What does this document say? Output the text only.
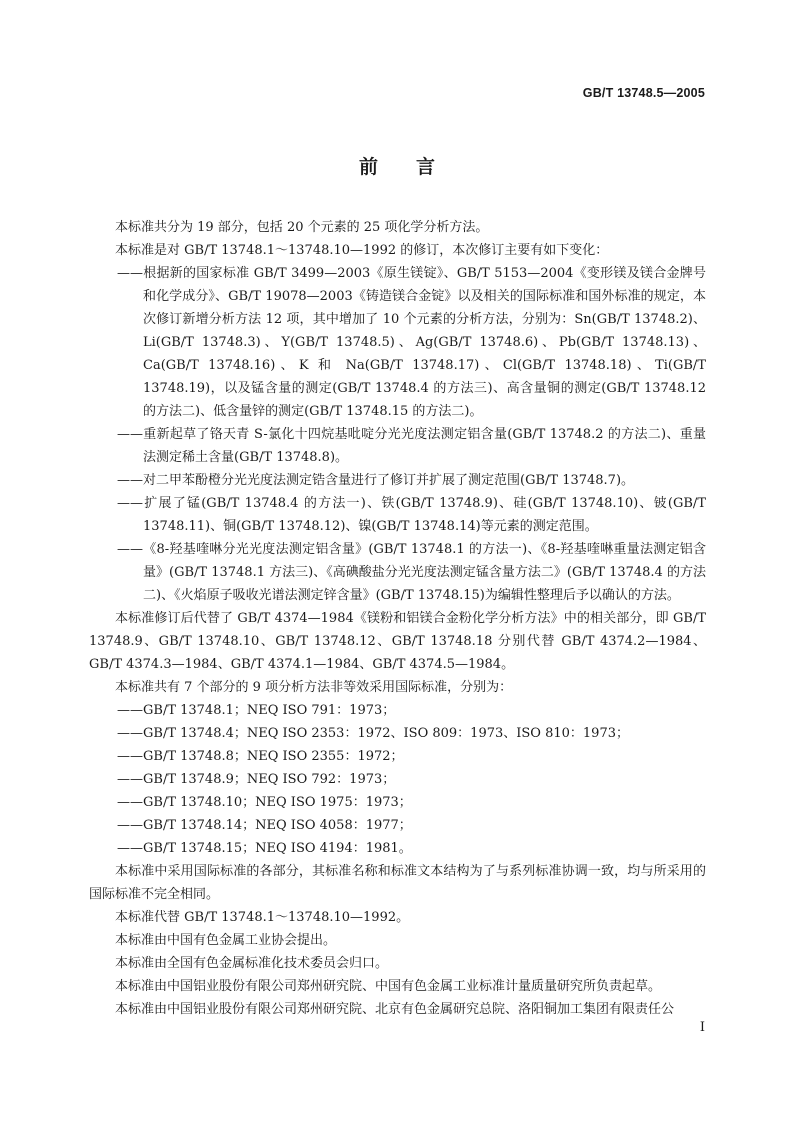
GB/T 13748.5—2005
前言
本标准共分为 19 部分，包括 20 个元素的 25 项化学分析方法。
本标准是对 GB/T 13748.1～13748.10—1992 的修订，本次修订主要有如下变化：
——根据新的国家标准 GB/T 3499—2003《原生镁锭》、GB/T 5153—2004《变形镁及镁合金牌号和化学成分》、GB/T 19078—2003《铸造镁合金锭》以及相关的国际标准和国外标准的规定，本次修订新增分析方法 12 项，其中增加了 10 个元素的分析方法，分别为：Sn(GB/T 13748.2)、Li(GB/T 13748.3)、Y(GB/T 13748.5)、Ag(GB/T 13748.6)、Pb(GB/T 13748.13)、Ca(GB/T 13748.16)、K 和 Na(GB/T 13748.17)、Cl(GB/T 13748.18)、Ti(GB/T 13748.19)，以及锰含量的测定(GB/T 13748.4 的方法三)、高含量铜的测定(GB/T 13748.12 的方法二)、低含量锌的测定(GB/T 13748.15 的方法二)。
——重新起草了铬天青 S-氯化十四烷基吡啶分光光度法测定铝含量(GB/T 13748.2 的方法二)、重量法测定稀土含量(GB/T 13748.8)。
——对二甲苯酚橙分光光度法测定锆含量进行了修订并扩展了测定范围(GB/T 13748.7)。
——扩展了锰(GB/T 13748.4 的方法一)、铁(GB/T 13748.9)、硅(GB/T 13748.10)、铍(GB/T 13748.11)、铜(GB/T 13748.12)、镍(GB/T 13748.14)等元素的测定范围。
——《8-羟基喹啉分光光度法测定铝含量》(GB/T 13748.1 的方法一)、《8-羟基喹啉重量法测定铝含量》(GB/T 13748.1 方法三)、《高碘酸盐分光光度法测定锰含量方法二》(GB/T 13748.4 的方法二)、《火焰原子吸收光谱法测定锌含量》(GB/T 13748.15)为编辑性整理后予以确认的方法。
本标准修订后代替了 GB/T 4374—1984《镁粉和铝镁合金粉化学分析方法》中的相关部分，即 GB/T 13748.9、GB/T 13748.10、GB/T 13748.12、GB/T 13748.18 分别代替 GB/T 4374.2—1984、GB/T 4374.3—1984、GB/T 4374.1—1984、GB/T 4374.5—1984。
本标准共有 7 个部分的 9 项分析方法非等效采用国际标准，分别为：
——GB/T 13748.1；NEQ ISO 791：1973；
——GB/T 13748.4；NEQ ISO 2353：1972、ISO 809：1973、ISO 810：1973；
——GB/T 13748.8；NEQ ISO 2355：1972；
——GB/T 13748.9；NEQ ISO 792：1973；
——GB/T 13748.10；NEQ ISO 1975：1973；
——GB/T 13748.14；NEQ ISO 4058：1977；
——GB/T 13748.15；NEQ ISO 4194：1981。
本标准中采用国际标准的各部分，其标准名称和标准文本结构为了与系列标准协调一致，均与所采用的国际标准不完全相同。
本标准代替 GB/T 13748.1～13748.10—1992。
本标准由中国有色金属工业协会提出。
本标准由全国有色金属标准化技术委员会归口。
本标准由中国铝业股份有限公司郑州研究院、中国有色金属工业标准计量质量研究所负责起草。
本标准由中国铝业股份有限公司郑州研究院、北京有色金属研究总院、洛阳铜加工集团有限责任公
I
